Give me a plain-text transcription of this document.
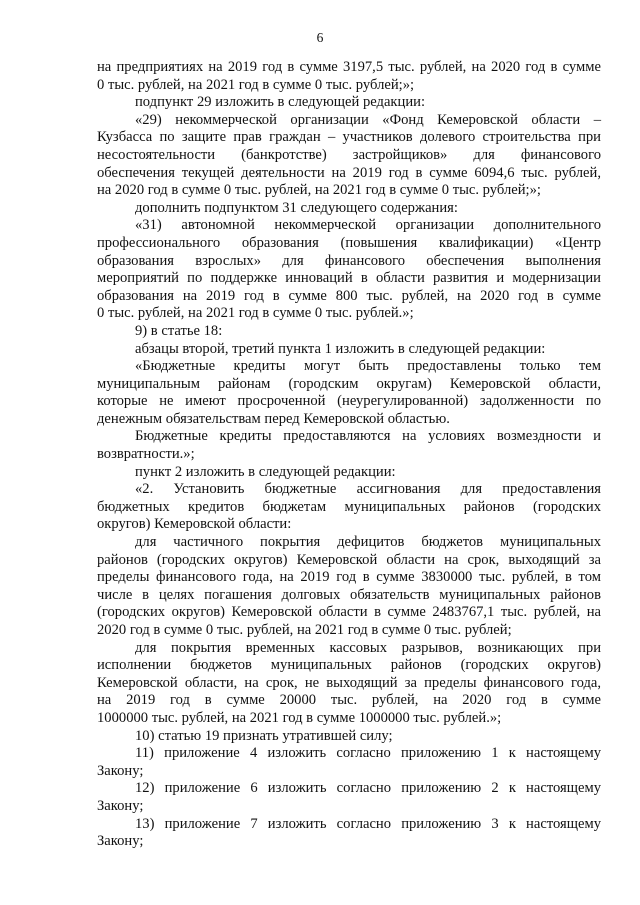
6
на предприятиях на 2019 год в сумме 3197,5 тыс. рублей, на 2020 год в сумме
0 тыс. рублей, на 2021 год в сумме 0 тыс. рублей;»;
подпункт 29 изложить в следующей редакции:
«29) некоммерческой организации «Фонд Кемеровской области –
Кузбасса по защите прав граждан – участников долевого строительства при
несостоятельности (банкротстве) застройщиков» для финансового
обеспечения текущей деятельности на 2019 год в сумме 6094,6 тыс. рублей,
на 2020 год в сумме 0 тыс. рублей, на 2021 год в сумме 0 тыс. рублей;»;
дополнить подпунктом 31 следующего содержания:
«31) автономной некоммерческой организации дополнительного
профессионального образования (повышения квалификации) «Центр
образования взрослых» для финансового обеспечения выполнения
мероприятий по поддержке инноваций в области развития и модернизации
образования на 2019 год в сумме 800 тыс. рублей, на 2020 год в сумме
0 тыс. рублей, на 2021 год в сумме 0 тыс. рублей.»;
9) в статье 18:
абзацы второй, третий пункта 1 изложить в следующей редакции:
«Бюджетные кредиты могут быть предоставлены только тем
муниципальным районам (городским округам) Кемеровской области,
которые не имеют просроченной (неурегулированной) задолженности по
денежным обязательствам перед Кемеровской областью.
Бюджетные кредиты предоставляются на условиях возмездности и
возвратности.»;
пункт 2 изложить в следующей редакции:
«2. Установить бюджетные ассигнования для предоставления
бюджетных кредитов бюджетам муниципальных районов (городских
округов) Кемеровской области:
для частичного покрытия дефицитов бюджетов муниципальных
районов (городских округов) Кемеровской области на срок, выходящий за
пределы финансового года, на 2019 год в сумме 3830000 тыс. рублей, в том
числе в целях погашения долговых обязательств муниципальных районов
(городских округов) Кемеровской области в сумме 2483767,1 тыс. рублей, на
2020 год в сумме 0 тыс. рублей, на 2021 год в сумме 0 тыс. рублей;
для покрытия временных кассовых разрывов, возникающих при
исполнении бюджетов муниципальных районов (городских округов)
Кемеровской области, на срок, не выходящий за пределы финансового года,
на 2019 год в сумме 20000 тыс. рублей, на 2020 год в сумме
1000000 тыс. рублей, на 2021 год в сумме 1000000 тыс. рублей.»;
10) статью 19 признать утратившей силу;
11) приложение 4 изложить согласно приложению 1 к настоящему
Закону;
12) приложение 6 изложить согласно приложению 2 к настоящему
Закону;
13) приложение 7 изложить согласно приложению 3 к настоящему
Закону;
